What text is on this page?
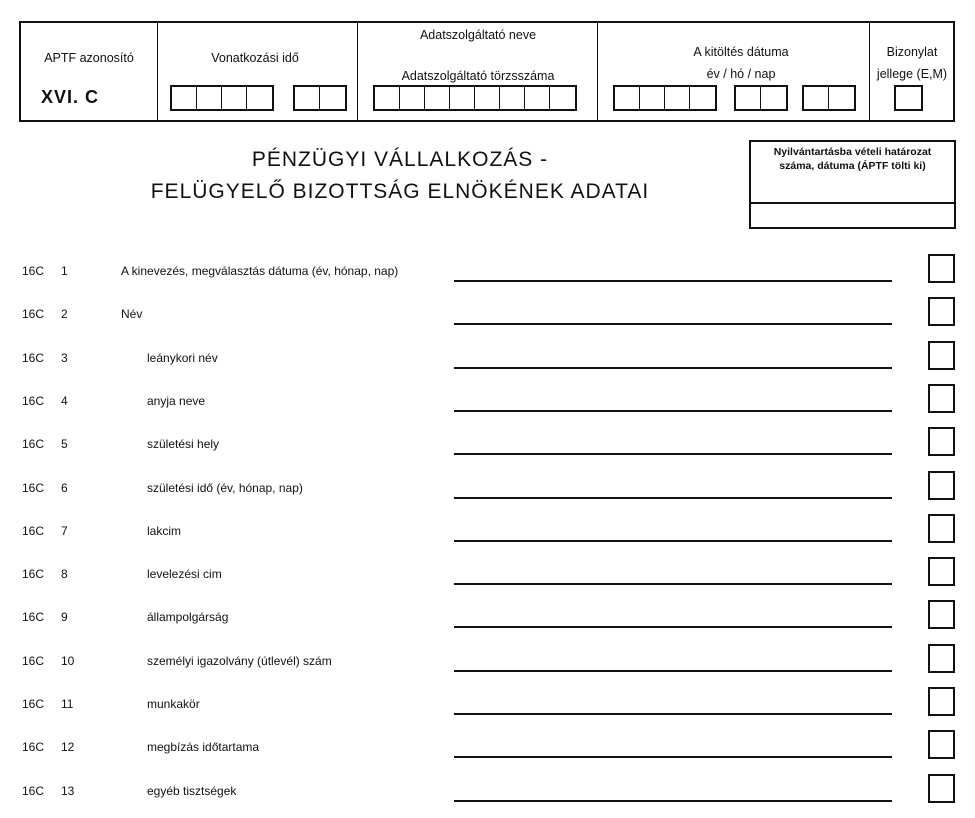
APTF azonosító
XVI. C
Vonatkozási idő
Adatszolgáltató neve
Adatszolgáltató törzsszáma
A kitöltés dátuma
év / hó / nap
Bizonylat
jellege (E,M)
PÉNZÜGYI VÁLLALKOZÁS -
FELÜGYELŐ BIZOTTSÁG ELNÖKÉNEK ADATAI
Nyilvántartásba vételi határozat
száma, dátuma (ÁPTF tölti ki)
16C 1	A kinevezés, megválasztás dátuma (év, hónap, nap)
16C 2	Név
16C 3	leánykori név
16C 4	anyja neve
16C 5	születési hely
16C 6	születési idő (év, hónap, nap)
16C 7	lakcim
16C 8	levelezési cim
16C 9	állampolgárság
16C 10	személyi igazolvány (útlevél) szám
16C 11	munkakör
16C 12	megbízás időtartama
16C 13	egyéb tisztségek
